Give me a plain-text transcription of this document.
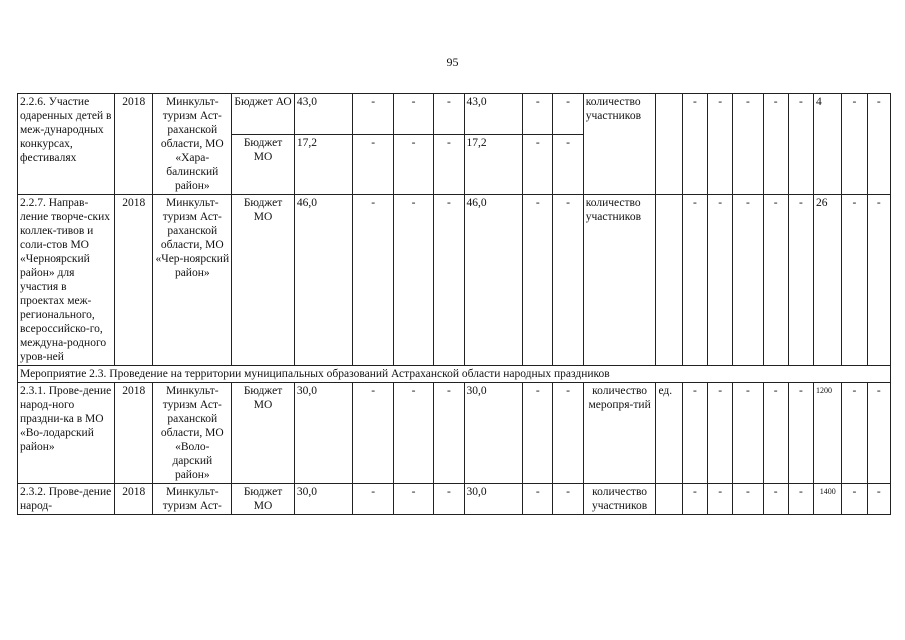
95
2.2.6. Участие одаренных детей в меж-дународных конкурсах, фестивалях	2018	Минкульт-туризм Аст-раханской области, МО «Хара-балинский район»	Бюджет АО	43,0	-	-	-	43,0	-	-	количество участников		-	-	-	-	-	4	-	-
			Бюджет МО	17,2	-	-	-	17,2	-	-										
2.2.7. Направ-ление творче-ских коллек-тивов и соли-стов МО «Черноярский район» для участия в проектах меж-регионального, всероссийско-го, междуна-родного уров-ней	2018	Минкульт-туризм Аст-раханской области, МО «Чер-ноярский район»	Бюджет МО	46,0	-	-	-	46,0	-	-	количество участников		-	-	-	-	-	26	-	-
Мероприятие 2.3. Проведение на территории муниципальных образований Астраханской области народных праздников																				
2.3.1. Прове-дение народ-ного праздни-ка в МО «Во-лодарский район»	2018	Минкульт-туризм Аст-раханской области, МО «Воло-дарский район»	Бюджет МО	30,0	-	-	-	30,0	-	-	количество меропря-тий	ед.	-	-	-	-	-	1200	-	-
2.3.2. Прове-дение народ-	2018	Минкульт-туризм Аст-	Бюджет МО	30,0	-	-	-	30,0	-	-	количество участников		-	-	-	-	-	1400	-	-
